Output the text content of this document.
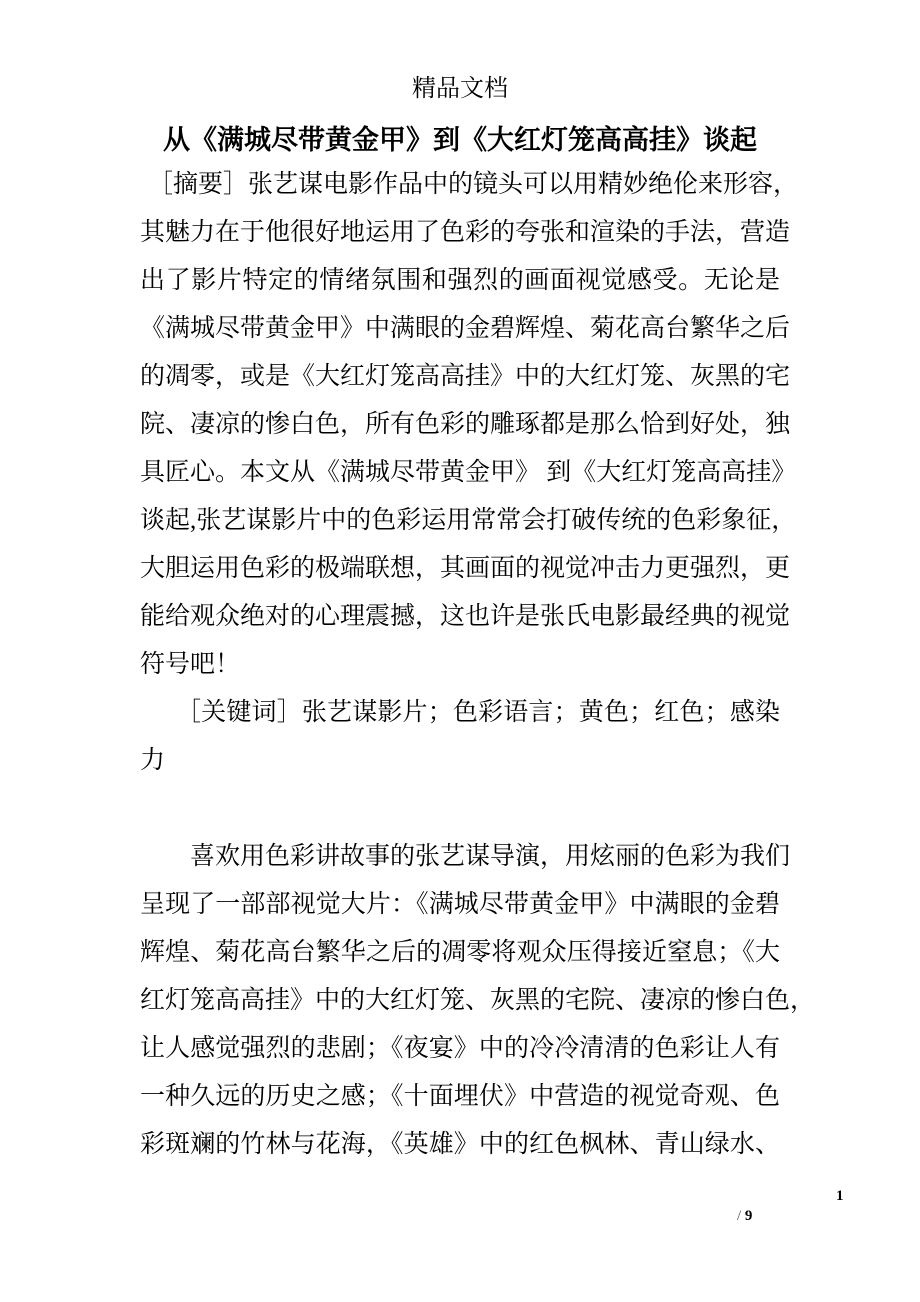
精品文档
从《满城尽带黄金甲》到《大红灯笼高高挂》谈起
［摘要］张艺谋电影作品中的镜头可以用精妙绝伦来形容，
其魅力在于他很好地运用了色彩的夸张和渲染的手法，营造
出了影片特定的情绪氛围和强烈的画面视觉感受。无论是
《满城尽带黄金甲》中满眼的金碧辉煌、菊花高台繁华之后
的凋零，或是《大红灯笼高高挂》中的大红灯笼、灰黑的宅
院、凄凉的惨白色，所有色彩的雕琢都是那么恰到好处，独
具匠心。本文从《满城尽带黄金甲》 到《大红灯笼高高挂》
谈起,张艺谋影片中的色彩运用常常会打破传统的色彩象征，
大胆运用色彩的极端联想，其画面的视觉冲击力更强烈，更
能给观众绝对的心理震撼，这也许是张氏电影最经典的视觉
符号吧！
［关键词］张艺谋影片；色彩语言；黄色；红色；感染
力
喜欢用色彩讲故事的张艺谋导演，用炫丽的色彩为我们
呈现了一部部视觉大片：《满城尽带黄金甲》中满眼的金碧
辉煌、菊花高台繁华之后的凋零将观众压得接近窒息；《大
红灯笼高高挂》中的大红灯笼、灰黑的宅院、凄凉的惨白色，
让人感觉强烈的悲剧；《夜宴》中的冷冷清清的色彩让人有
一种久远的历史之感；《十面埋伏》中营造的视觉奇观、色
彩斑斓的竹林与花海，《英雄》中的红色枫林、青山绿水、
1
/ 9
